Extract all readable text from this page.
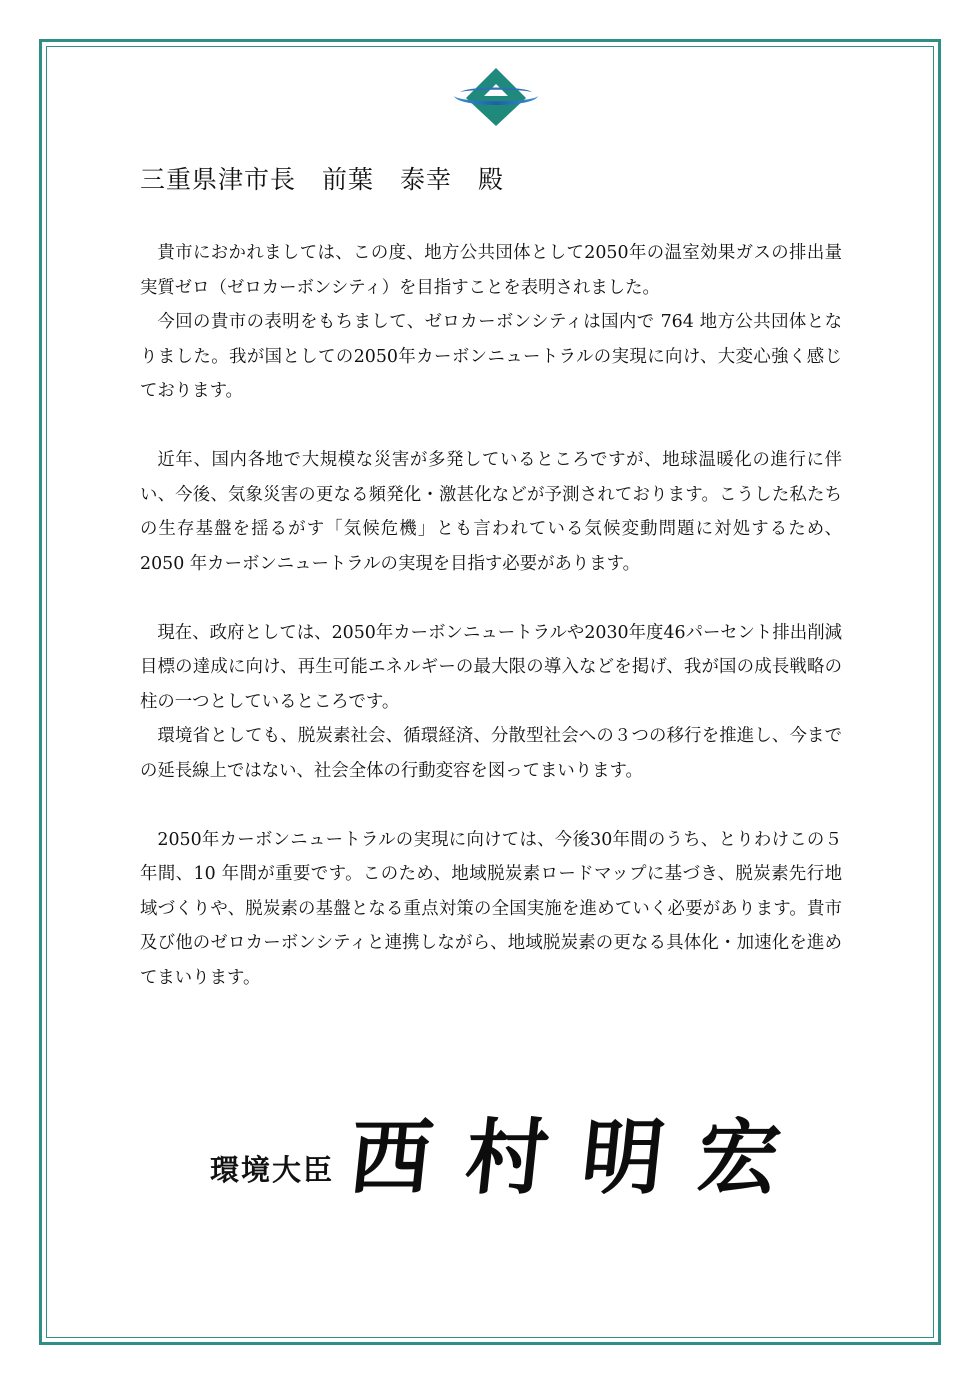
三重県津市長　前葉　泰幸　殿

貴市におかれましては、この度、地方公共団体として2050年の温室効果ガスの排出量実質ゼロ（ゼロカーボンシティ）を目指すことを表明されました。

今回の貴市の表明をもちまして、ゼロカーボンシティは国内で 764 地方公共団体となりました。我が国としての2050年カーボンニュートラルの実現に向け、大変心強く感じております。

近年、国内各地で大規模な災害が多発しているところですが、地球温暖化の進行に伴い、今後、気象災害の更なる頻発化・激甚化などが予測されております。こうした私たちの生存基盤を揺るがす「気候危機」とも言われている気候変動問題に対処するため、2050 年カーボンニュートラルの実現を目指す必要があります。

現在、政府としては、2050年カーボンニュートラルや2030年度46パーセント排出削減目標の達成に向け、再生可能エネルギーの最大限の導入などを掲げ、我が国の成長戦略の柱の一つとしているところです。

環境省としても、脱炭素社会、循環経済、分散型社会への３つの移行を推進し、今までの延長線上ではない、社会全体の行動変容を図ってまいります。

2050年カーボンニュートラルの実現に向けては、今後30年間のうち、とりわけこの５年間、10 年間が重要です。このため、地域脱炭素ロードマップに基づき、脱炭素先行地域づくりや、脱炭素の基盤となる重点対策の全国実施を進めていく必要があります。貴市及び他のゼロカーボンシティと連携しながら、地域脱炭素の更なる具体化・加速化を進めてまいります。

環境大臣 西村明宏
